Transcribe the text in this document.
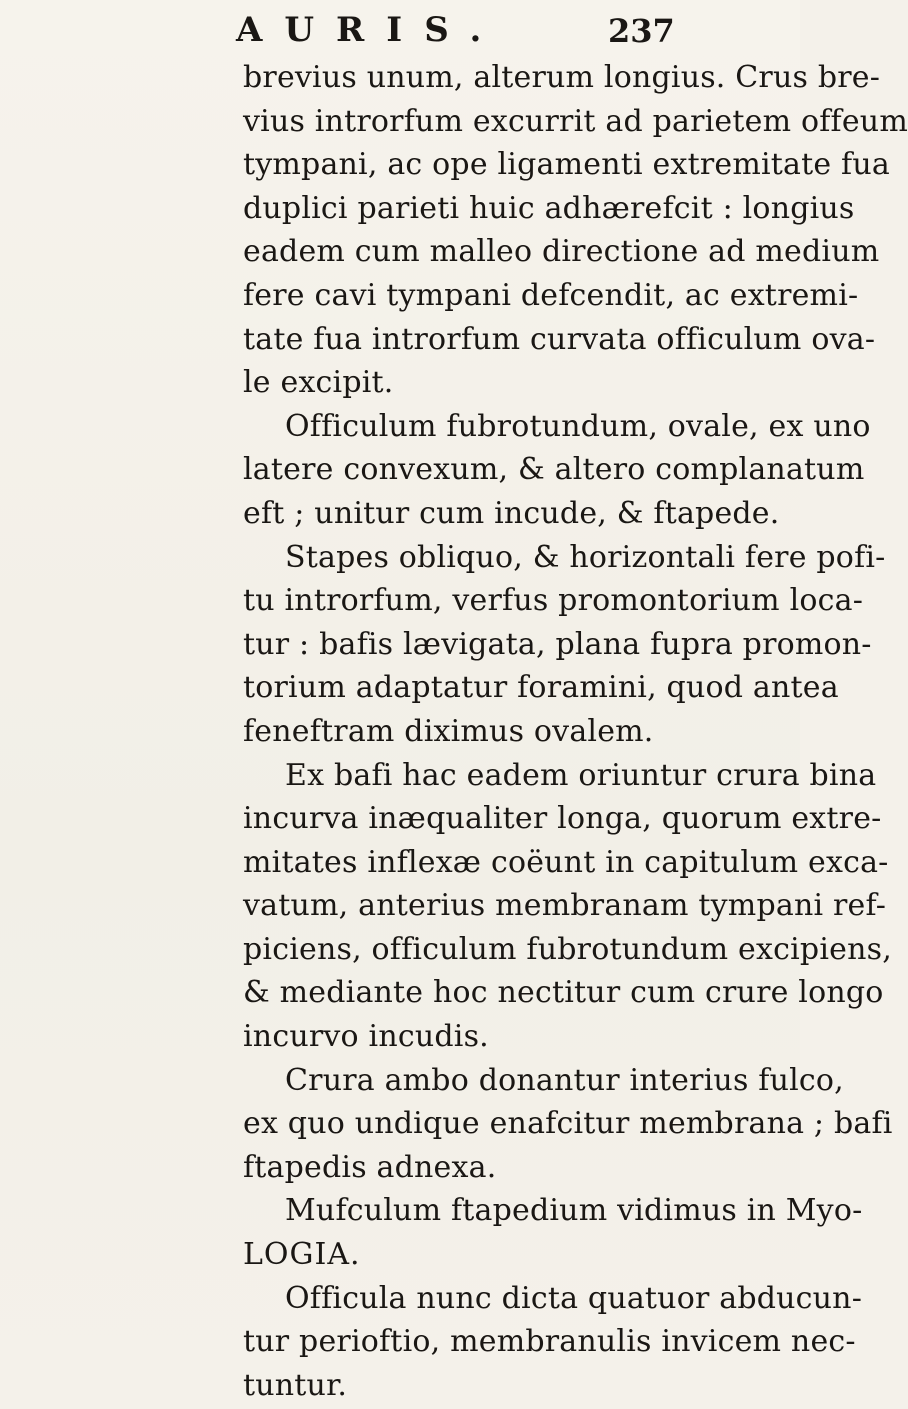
AURIS.	237
brevius unum, alterum longius. Crus bre-
vius introrfum excurrit ad parietem offeum
tympani, ac ope ligamenti extremitate fua
duplici parieti huic adhærefcit : longius
eadem cum malleo directione ad medium
fere cavi tympani defcendit, ac extremi-
tate fua introrfum curvata officulum ova-
le excipit.
Officulum fubrotundum, ovale, ex uno
latere convexum, & altero complanatum
eft ; unitur cum incude, & ftapede.
Stapes obliquo, & horizontali fere pofi-
tu introrfum, verfus promontorium loca-
tur : bafis lævigata, plana fupra promon-
torium adaptatur foramini, quod antea
feneftram diximus ovalem.
Ex bafi hac eadem oriuntur crura bina
incurva inæqualiter longa, quorum extre-
mitates inflexæ coëunt in capitulum exca-
vatum, anterius membranam tympani ref-
piciens, officulum fubrotundum excipiens,
& mediante hoc nectitur cum crure longo
incurvo incudis.
Crura ambo donantur interius fulco,
ex quo undique enafcitur membrana ; bafi
ftapedis adnexa.
Mufculum ftapedium vidimus in Myo-
LOGIA.
Officula nunc dicta quatuor abducun-
tur perioftio, membranulis invicem nec-
tuntur.
